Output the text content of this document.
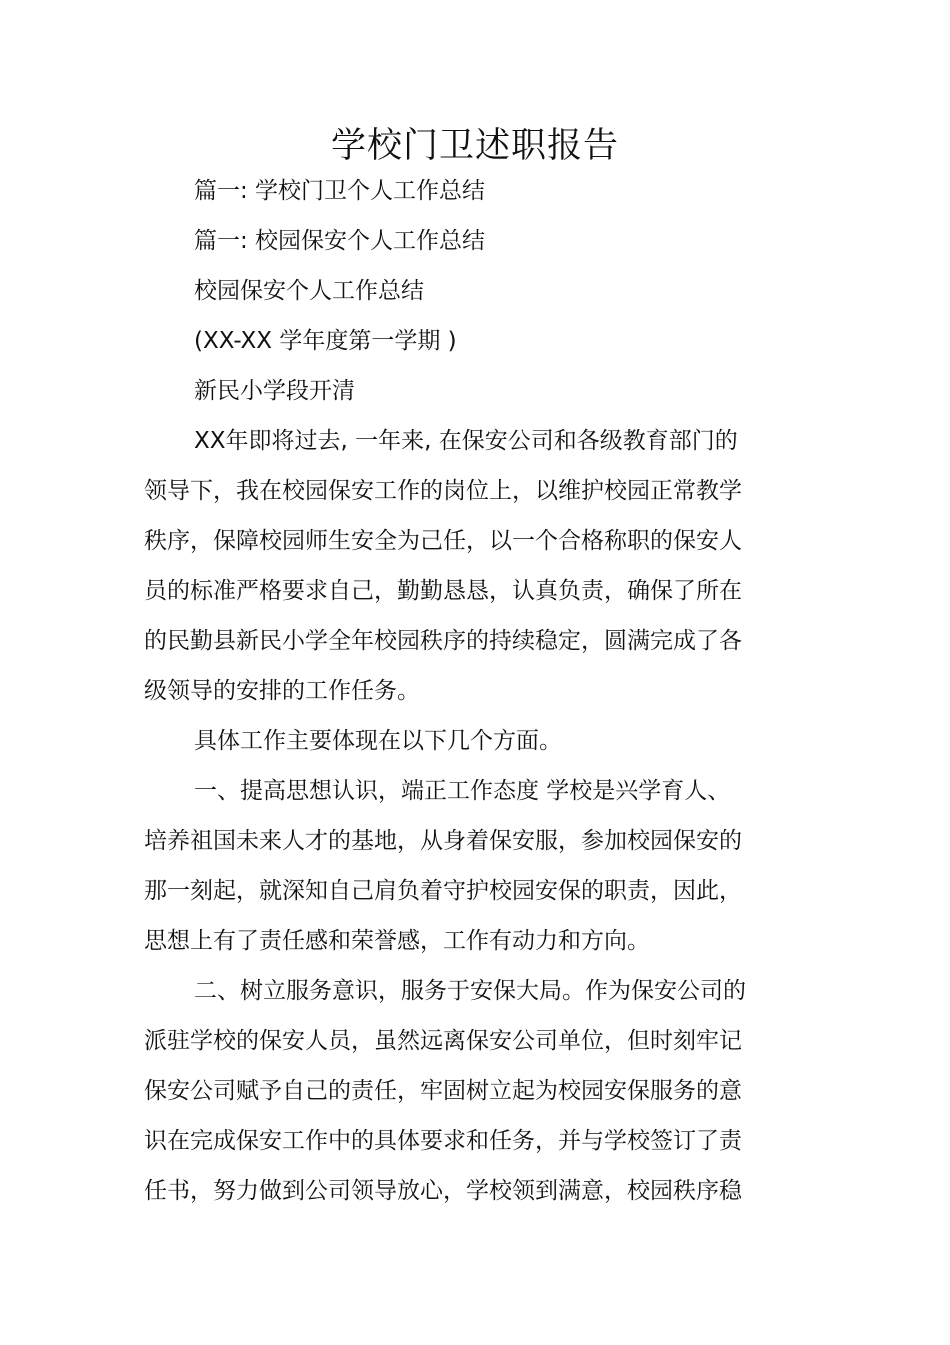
学校门卫述职报告
篇一: 学校门卫个人工作总结
篇一: 校园保安个人工作总结
校园保安个人工作总结
(XX-XX 学年度第一学期 )
新民小学段开清
XX年即将过去, 一年来, 在保安公司和各级教育部门的
领导下，我在校园保安工作的岗位上，以维护校园正常教学
秩序，保障校园师生安全为己任，以一个合格称职的保安人
员的标准严格要求自己，勤勤恳恳，认真负责，确保了所在
的民勤县新民小学全年校园秩序的持续稳定，圆满完成了各
级领导的安排的工作任务。
具体工作主要体现在以下几个方面。
一、提高思想认识，端正工作态度 学校是兴学育人、
培养祖国未来人才的基地，从身着保安服，参加校园保安的
那一刻起，就深知自己肩负着守护校园安保的职责，因此，
思想上有了责任感和荣誉感，工作有动力和方向。
二、树立服务意识，服务于安保大局。作为保安公司的
派驻学校的保安人员，虽然远离保安公司单位，但时刻牢记
保安公司赋予自己的责任，牢固树立起为校园安保服务的意
识在完成保安工作中的具体要求和任务，并与学校签订了责
任书，努力做到公司领导放心，学校领到满意，校园秩序稳
